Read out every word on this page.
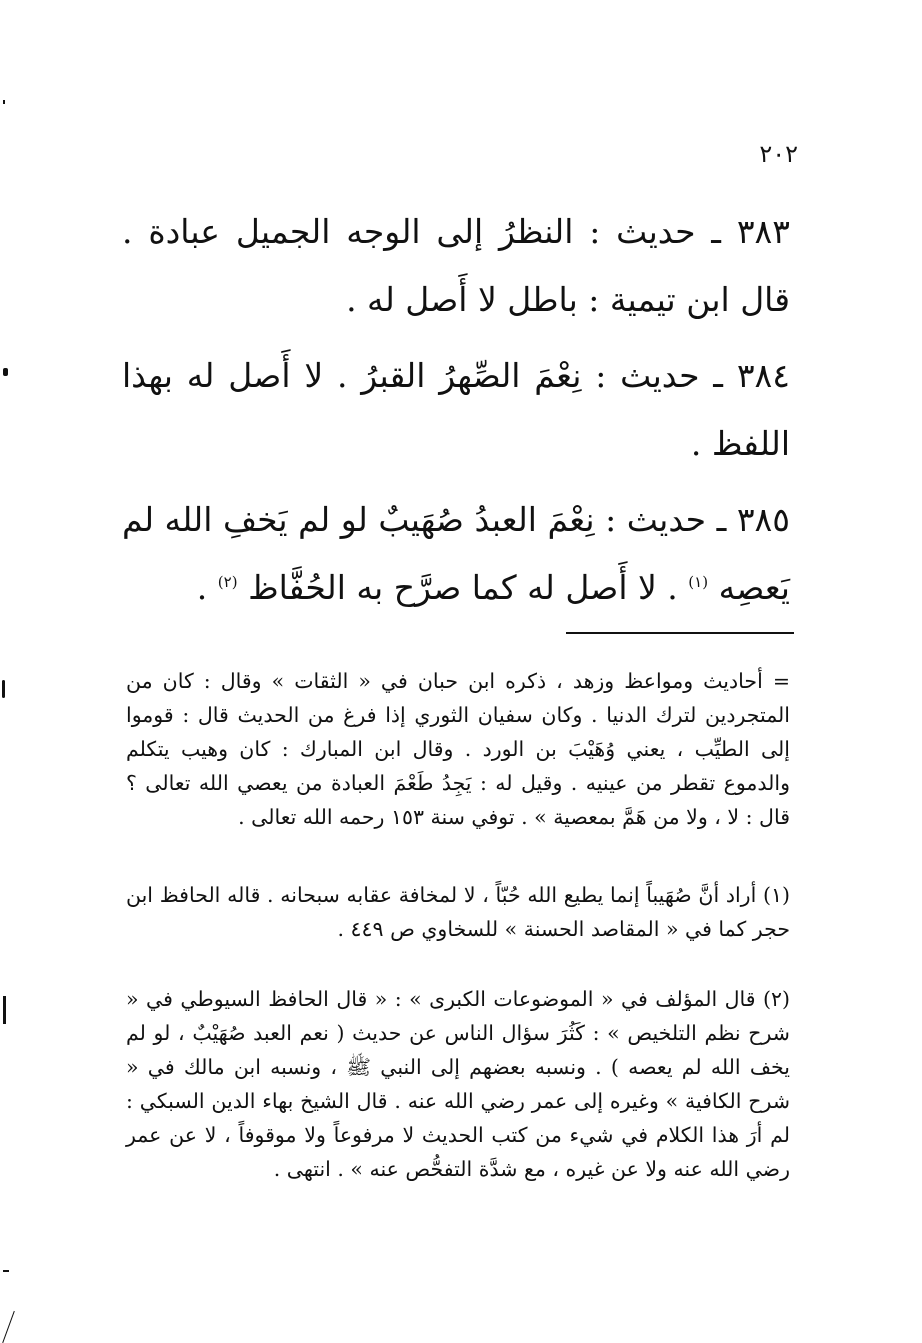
٢٠٢

٣٨٣ ـ حديث : النظرُ إلى الوجه الجميل عبادة . قال ابن تيمية : باطل لا أَصل له .

٣٨٤ ـ حديث : نِعْمَ الصِّهرُ القبرُ . لا أَصل له بهذا اللفظ .

٣٨٥ ـ حديث : نِعْمَ العبدُ صُهَيبٌ لو لم يَخفِ الله لم يَعصِه $^{(١)}$ . لا أَصل له كما صرَّح به الحُفَّاظ $^{(٢)}$ .

= أحاديث ومواعظ وزهد ، ذكره ابن حبان في « الثقات » وقال : كان من المتجردين لترك الدنيا . وكان سفيان الثوري إذا فرغ من الحديث قال : قوموا إلى الطيِّب ، يعني وُهَيْبَ بن الورد . وقال ابن المبارك : كان وهيب يتكلم والدموع تقطر من عينيه . وقيل له : يَجِدُ طَعْمَ العبادة من يعصي الله تعالى ؟ قال : لا ، ولا من هَمَّ بمعصية » . توفي سنة ١٥٣ رحمه الله تعالى .

(١) أراد أنَّ صُهَيباً إنما يطيع الله حُبّاً ، لا لمخافة عقابه سبحانه . قاله الحافظ ابن حجر كما في « المقاصد الحسنة » للسخاوي ص ٤٤٩ .

(٢) قال المؤلف في « الموضوعات الكبرى » : « قال الحافظ السيوطي في « شرح نظم التلخيص » : كَثُرَ سؤال الناس عن حديث ( نعم العبد صُهَيْبٌ ، لو لم يخف الله لم يعصه ) . ونسبه بعضهم إلى النبي ﷺ ، ونسبه ابن مالك في « شرح الكافية » وغيره إلى عمر رضي الله عنه . قال الشيخ بهاء الدين السبكي : لم أرَ هذا الكلام في شيء من كتب الحديث لا مرفوعاً ولا موقوفاً ، لا عن عمر رضي الله عنه ولا عن غيره ، مع شدَّة التفحُّص عنه » . انتهى .
